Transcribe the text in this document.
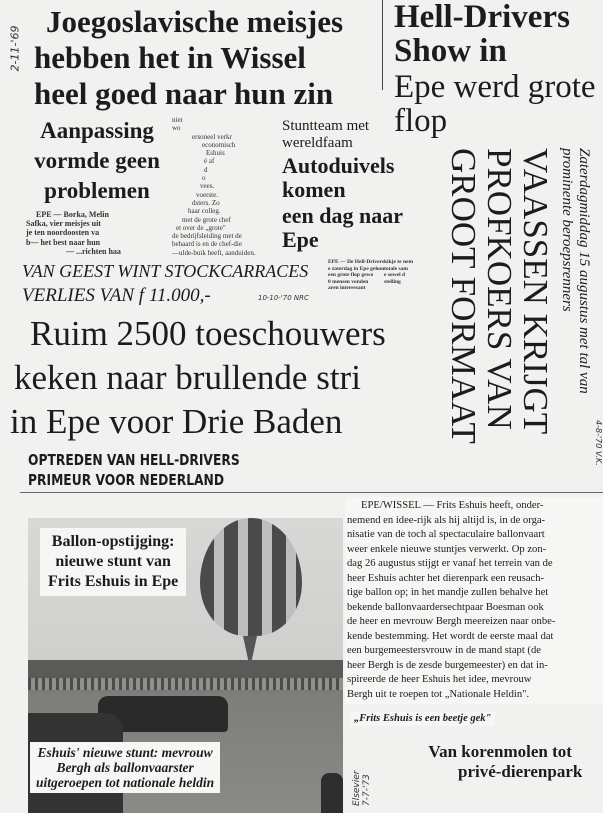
2-11-'69
Joegoslavische meisjes
hebben het in Wissel
heel goed naar hun zin
Hell-Drivers Show in
Epe werd grote flop
Aanpassing
vormde geen
problemen
EPE — Borka, Melin
Safka, vier meisjes uit
je ten noordoosten va
b— het best naar hun
— ...richten haa
niet
wo
ersoneel verkr
economisch
Eshuis
é af
d
o
vees.
voerste.
dsters. Zo
haar colleg.
met de grote chef
et over de „grote"
de bedrijfsleiding met de
behaard is en de chef-die
—ulde-buik heeft, aanduiden.
Stuntteam met wereldfaam
Autoduivels komen
een dag naar Epe	VAASSEN KRIJGT
PROFKOERS VAN
GROOT FORMAAT	Zaterdagmiddag 15 augustus met tal van
prominente beroepsrenners
4-8-'70 V.K.
VAN GEEST WINT STOCKCARRACES	EPE — De Hell-Drivers
e zaterdag in Epe gehou
een grote flop gewo
0 mensen vonden
aren interessant
kikje te nem
totale sam
e sowel d
stelling
VERLIES VAN f 11.000,-	10-10-'70 NRC
Ruim 2500 toeschouwers
keken naar brullende stri
in Epe voor Drie Baden
OPTREDEN VAN HELL-DRIVERS
PRIMEUR VOOR NEDERLAND
Ballon-opstijging:
nieuwe stunt van
Frits Eshuis in Epe
EPE/WISSEL — Frits Eshuis heeft, onder-
nemend en idee-rijk als hij altijd is, in de orga-
nisatie van de toch al spectaculaire ballonvaart
weer enkele nieuwe stuntjes verwerkt. Op zon-
dag 26 augustus stijgt er vanaf het terrein van de
heer Eshuis achter het dierenpark een reusach-
tige ballon op; in het mandje zullen behalve het
bekende ballonvaardersechtpaar Boesman ook
de heer en mevrouw Bergh meereizen naar onbe-
kende bestemming. Het wordt de eerste maal dat
een burgemeestersvrouw in de mand stapt (de
heer Bergh is de zesde burgemeester) en dat in-
spireerde de heer Eshuis het idee, mevrouw
Bergh uit te roepen tot „Nationale Heldin".
Eshuis' nieuwe stunt: mevrouw
Bergh als ballonvaarster
uitgeroepen tot nationale heldin
„Frits Eshuis is een beetje gek"
Van korenmolen tot
privé-dierenpark
Elsevier 7-7-'73
